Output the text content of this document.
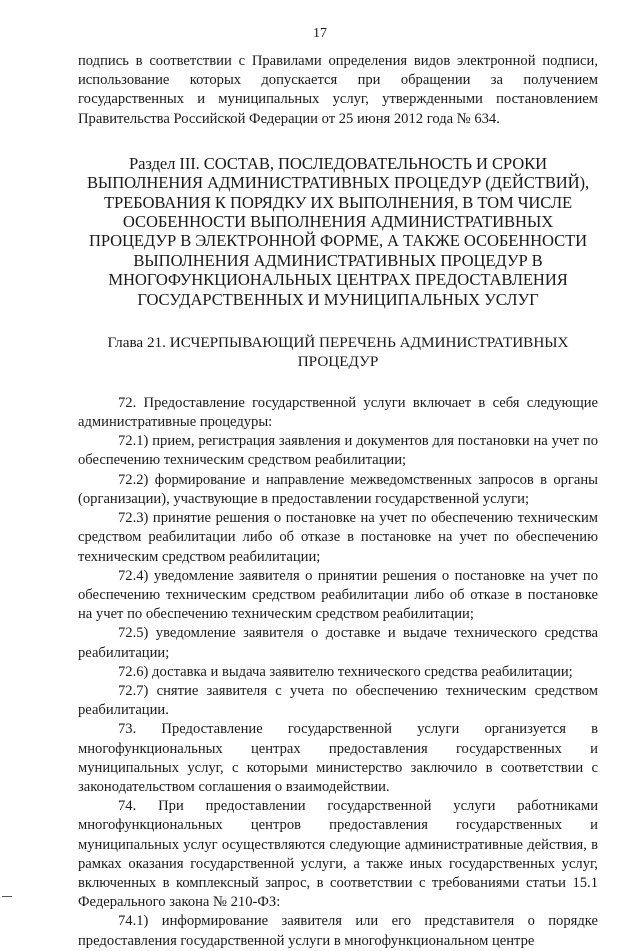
17

подпись в соответствии с Правилами определения видов электронной подписи, использование которых допускается при обращении за получением государственных и муниципальных услуг, утвержденными постановлением Правительства Российской Федерации от 25 июня 2012 года № 634.

Раздел III. СОСТАВ, ПОСЛЕДОВАТЕЛЬНОСТЬ И СРОКИ ВЫПОЛНЕНИЯ АДМИНИСТРАТИВНЫХ ПРОЦЕДУР (ДЕЙСТВИЙ), ТРЕБОВАНИЯ К ПОРЯДКУ ИХ ВЫПОЛНЕНИЯ, В ТОМ ЧИСЛЕ ОСОБЕННОСТИ ВЫПОЛНЕНИЯ АДМИНИСТРАТИВНЫХ ПРОЦЕДУР В ЭЛЕКТРОННОЙ ФОРМЕ, А ТАКЖЕ ОСОБЕННОСТИ ВЫПОЛНЕНИЯ АДМИНИСТРАТИВНЫХ ПРОЦЕДУР В МНОГОФУНКЦИОНАЛЬНЫХ ЦЕНТРАХ ПРЕДОСТАВЛЕНИЯ ГОСУДАРСТВЕННЫХ И МУНИЦИПАЛЬНЫХ УСЛУГ

Глава 21. ИСЧЕРПЫВАЮЩИЙ ПЕРЕЧЕНЬ АДМИНИСТРАТИВНЫХ ПРОЦЕДУР

72. Предоставление государственной услуги включает в себя следующие административные процедуры:

72.1) прием, регистрация заявления и документов для постановки на учет по обеспечению техническим средством реабилитации;

72.2) формирование и направление межведомственных запросов в органы (организации), участвующие в предоставлении государственной услуги;

72.3) принятие решения о постановке на учет по обеспечению техническим средством реабилитации либо об отказе в постановке на учет по обеспечению техническим средством реабилитации;

72.4) уведомление заявителя о принятии решения о постановке на учет по обеспечению техническим средством реабилитации либо об отказе в постановке на учет по обеспечению техническим средством реабилитации;

72.5) уведомление заявителя о доставке и выдаче технического средства реабилитации;

72.6) доставка и выдача заявителю технического средства реабилитации;

72.7) снятие заявителя с учета по обеспечению техническим средством реабилитации.

73. Предоставление государственной услуги организуется в многофункциональных центрах предоставления государственных и муниципальных услуг, с которыми министерство заключило в соответствии с законодательством соглашения о взаимодействии.

74. При предоставлении государственной услуги работниками многофункциональных центров предоставления государственных и муниципальных услуг осуществляются следующие административные действия, в рамках оказания государственной услуги, а также иных государственных услуг, включенных в комплексный запрос, в соответствии с требованиями статьи 15.1 Федерального закона № 210-ФЗ:

74.1) информирование заявителя или его представителя о порядке предоставления государственной услуги в многофункциональном центре
